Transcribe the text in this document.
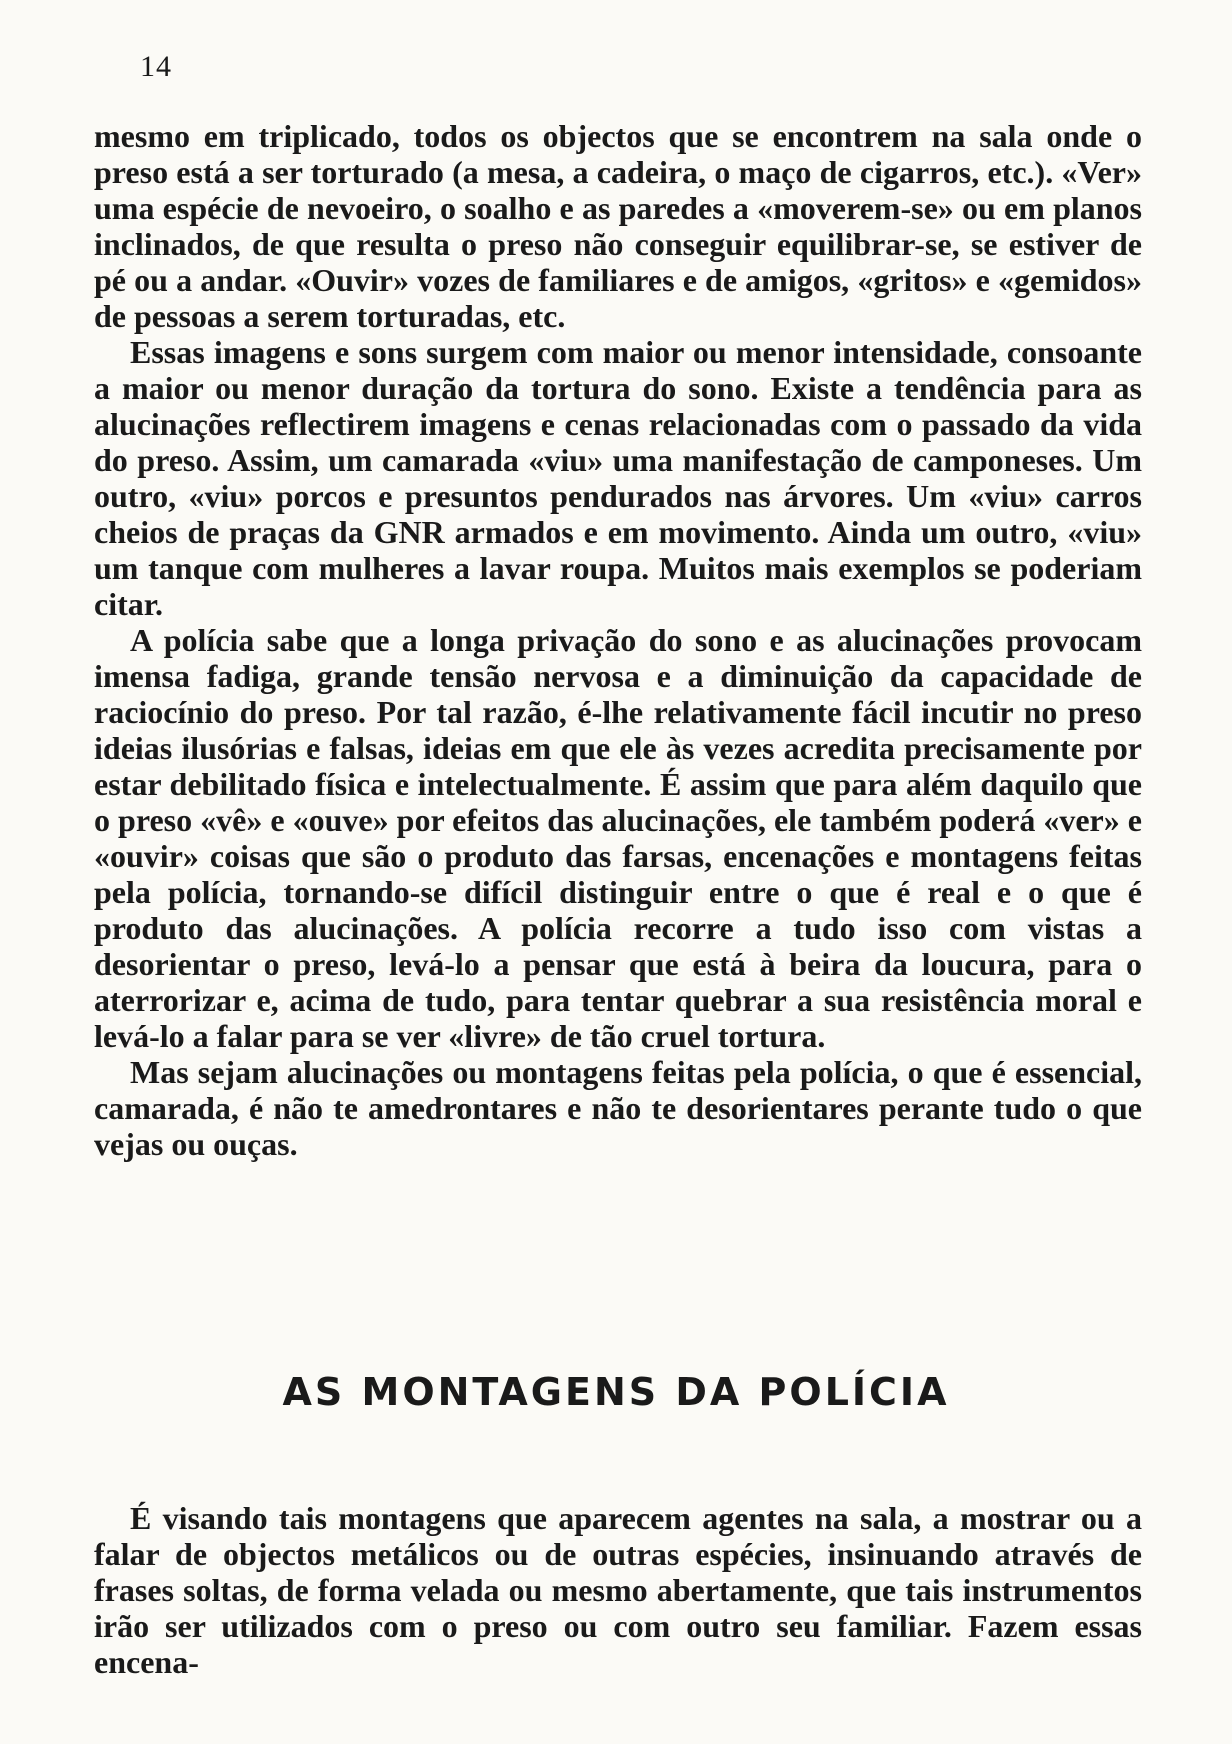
14

mesmo em triplicado, todos os objectos que se encontrem na sala onde o preso está a ser torturado (a mesa, a cadeira, o maço de cigarros, etc.). «Ver» uma espécie de nevoeiro, o soalho e as paredes a «moverem-se» ou em planos inclinados, de que resulta o preso não conseguir equilibrar-se, se estiver de pé ou a andar. «Ouvir» vozes de familiares e de amigos, «gritos» e «gemidos» de pessoas a serem torturadas, etc.

Essas imagens e sons surgem com maior ou menor intensidade, consoante a maior ou menor duração da tortura do sono. Existe a tendência para as alucinações reflectirem imagens e cenas relacionadas com o passado da vida do preso. Assim, um camarada «viu» uma manifestação de camponeses. Um outro, «viu» porcos e presuntos pendurados nas árvores. Um «viu» carros cheios de praças da GNR armados e em movimento. Ainda um outro, «viu» um tanque com mulheres a lavar roupa. Muitos mais exemplos se poderiam citar.

A polícia sabe que a longa privação do sono e as alucinações provocam imensa fadiga, grande tensão nervosa e a diminuição da capacidade de raciocínio do preso. Por tal razão, é-lhe relativamente fácil incutir no preso ideias ilusórias e falsas, ideias em que ele às vezes acredita precisamente por estar debilitado física e intelectualmente. É assim que para além daquilo que o preso «vê» e «ouve» por efeitos das alucinações, ele também poderá «ver» e «ouvir» coisas que são o produto das farsas, encenações e montagens feitas pela polícia, tornando-se difícil distinguir entre o que é real e o que é produto das alucinações. A polícia recorre a tudo isso com vistas a desorientar o preso, levá-lo a pensar que está à beira da loucura, para o aterrorizar e, acima de tudo, para tentar quebrar a sua resistência moral e levá-lo a falar para se ver «livre» de tão cruel tortura.

Mas sejam alucinações ou montagens feitas pela polícia, o que é essencial, camarada, é não te amedrontares e não te desorientares perante tudo o que vejas ou ouças.

AS MONTAGENS DA POLÍCIA

É visando tais montagens que aparecem agentes na sala, a mostrar ou a falar de objectos metálicos ou de outras espécies, insinuando através de frases soltas, de forma velada ou mesmo abertamente, que tais instrumentos irão ser utilizados com o preso ou com outro seu familiar. Fazem essas encena-
